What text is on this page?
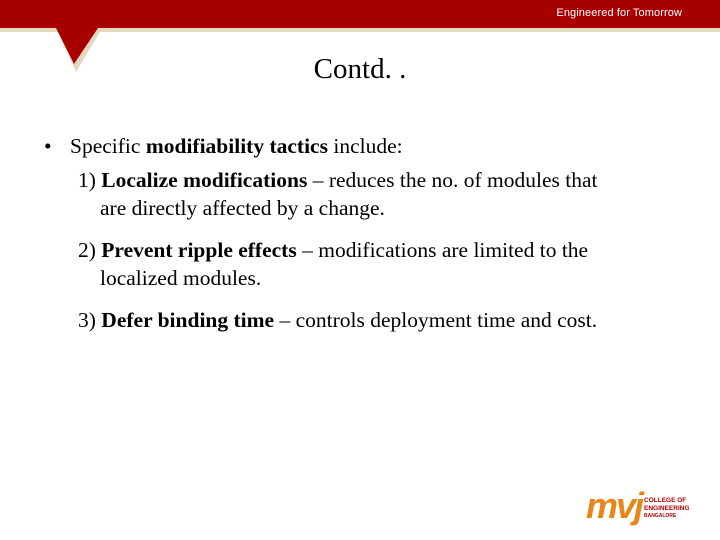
Engineered for Tomorrow
Contd. .
• Specific modifiability tactics include:
1) Localize modifications – reduces the no. of modules that
are directly affected by a change.
2) Prevent ripple effects – modifications are limited to the
localized modules.
3) Defer binding time – controls deployment time and cost.
mvj COLLEGE OF
ENGINEERING
BANGALORE
